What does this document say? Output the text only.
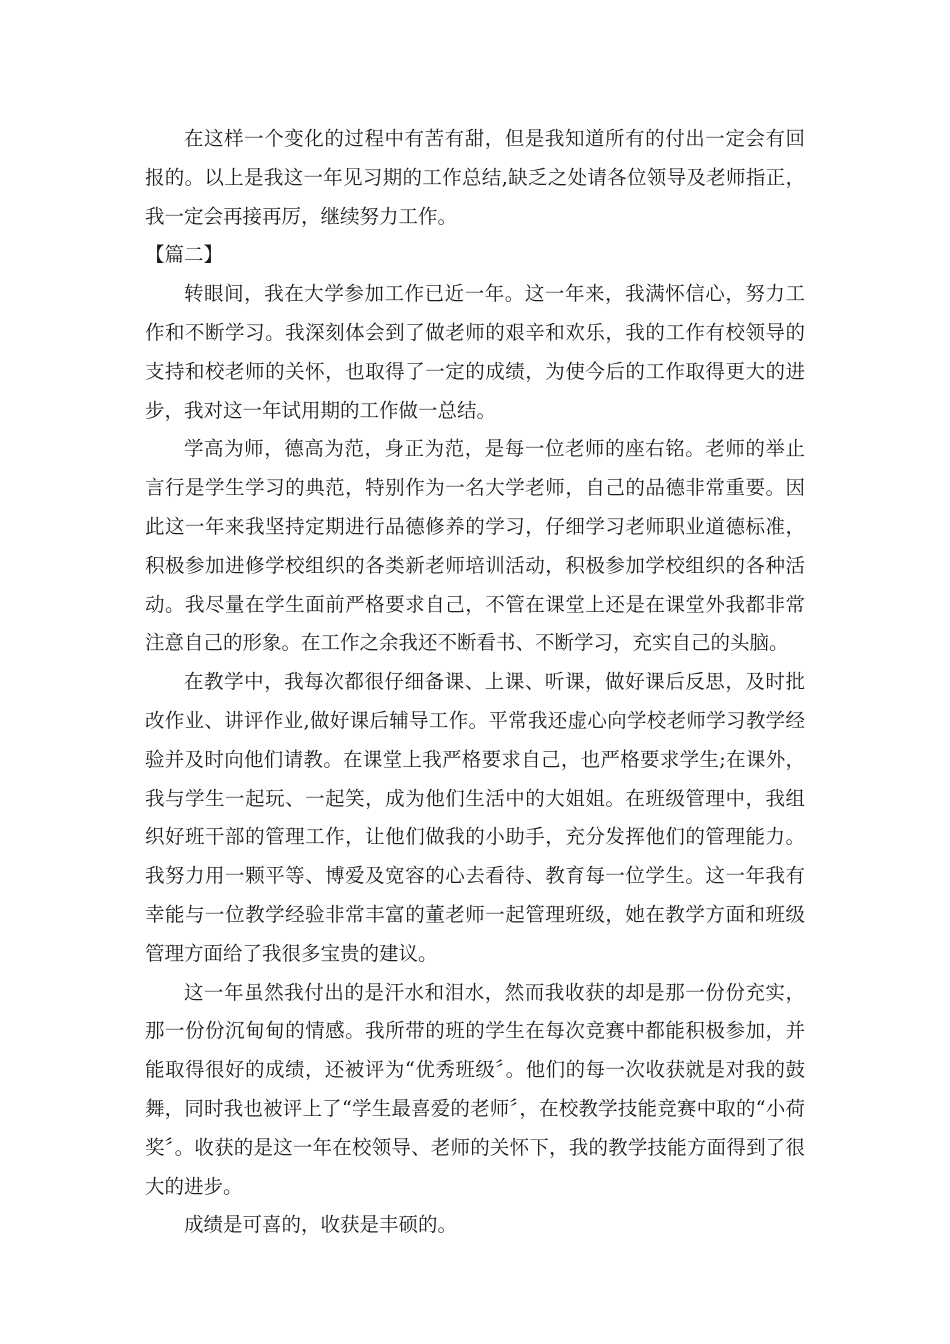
在这样一个变化的过程中有苦有甜，但是我知道所有的付出一定会有回报的。以上是我这一年见习期的工作总结,缺乏之处请各位领导及老师指正，我一定会再接再厉，继续努力工作。

【篇二】

转眼间，我在大学参加工作已近一年。这一年来，我满怀信心，努力工作和不断学习。我深刻体会到了做老师的艰辛和欢乐，我的工作有校领导的支持和校老师的关怀，也取得了一定的成绩，为使今后的工作取得更大的进步，我对这一年试用期的工作做一总结。

学高为师，德高为范，身正为范，是每一位老师的座右铭。老师的举止言行是学生学习的典范，特别作为一名大学老师，自己的品德非常重要。因此这一年来我坚持定期进行品德修养的学习，仔细学习老师职业道德标准，积极参加进修学校组织的各类新老师培训活动，积极参加学校组织的各种活动。我尽量在学生面前严格要求自己，不管在课堂上还是在课堂外我都非常注意自己的形象。在工作之余我还不断看书、不断学习，充实自己的头脑。

在教学中，我每次都很仔细备课、上课、听课，做好课后反思，及时批改作业、讲评作业,做好课后辅导工作。平常我还虚心向学校老师学习教学经验并及时向他们请教。在课堂上我严格要求自己，也严格要求学生;在课外，我与学生一起玩、一起笑，成为他们生活中的大姐姐。在班级管理中，我组织好班干部的管理工作，让他们做我的小助手，充分发挥他们的管理能力。我努力用一颗平等、博爱及宽容的心去看待、教育每一位学生。这一年我有幸能与一位教学经验非常丰富的董老师一起管理班级，她在教学方面和班级管理方面给了我很多宝贵的建议。

这一年虽然我付出的是汗水和泪水，然而我收获的却是那一份份充实，那一份份沉甸甸的情感。我所带的班的学生在每次竞赛中都能积极参加，并能取得很好的成绩，还被评为“优秀班级〞。他们的每一次收获就是对我的鼓舞，同时我也被评上了“学生最喜爱的老师〞，在校教学技能竞赛中取的“小荷奖〞。收获的是这一年在校领导、老师的关怀下，我的教学技能方面得到了很大的进步。

成绩是可喜的，收获是丰硕的。
